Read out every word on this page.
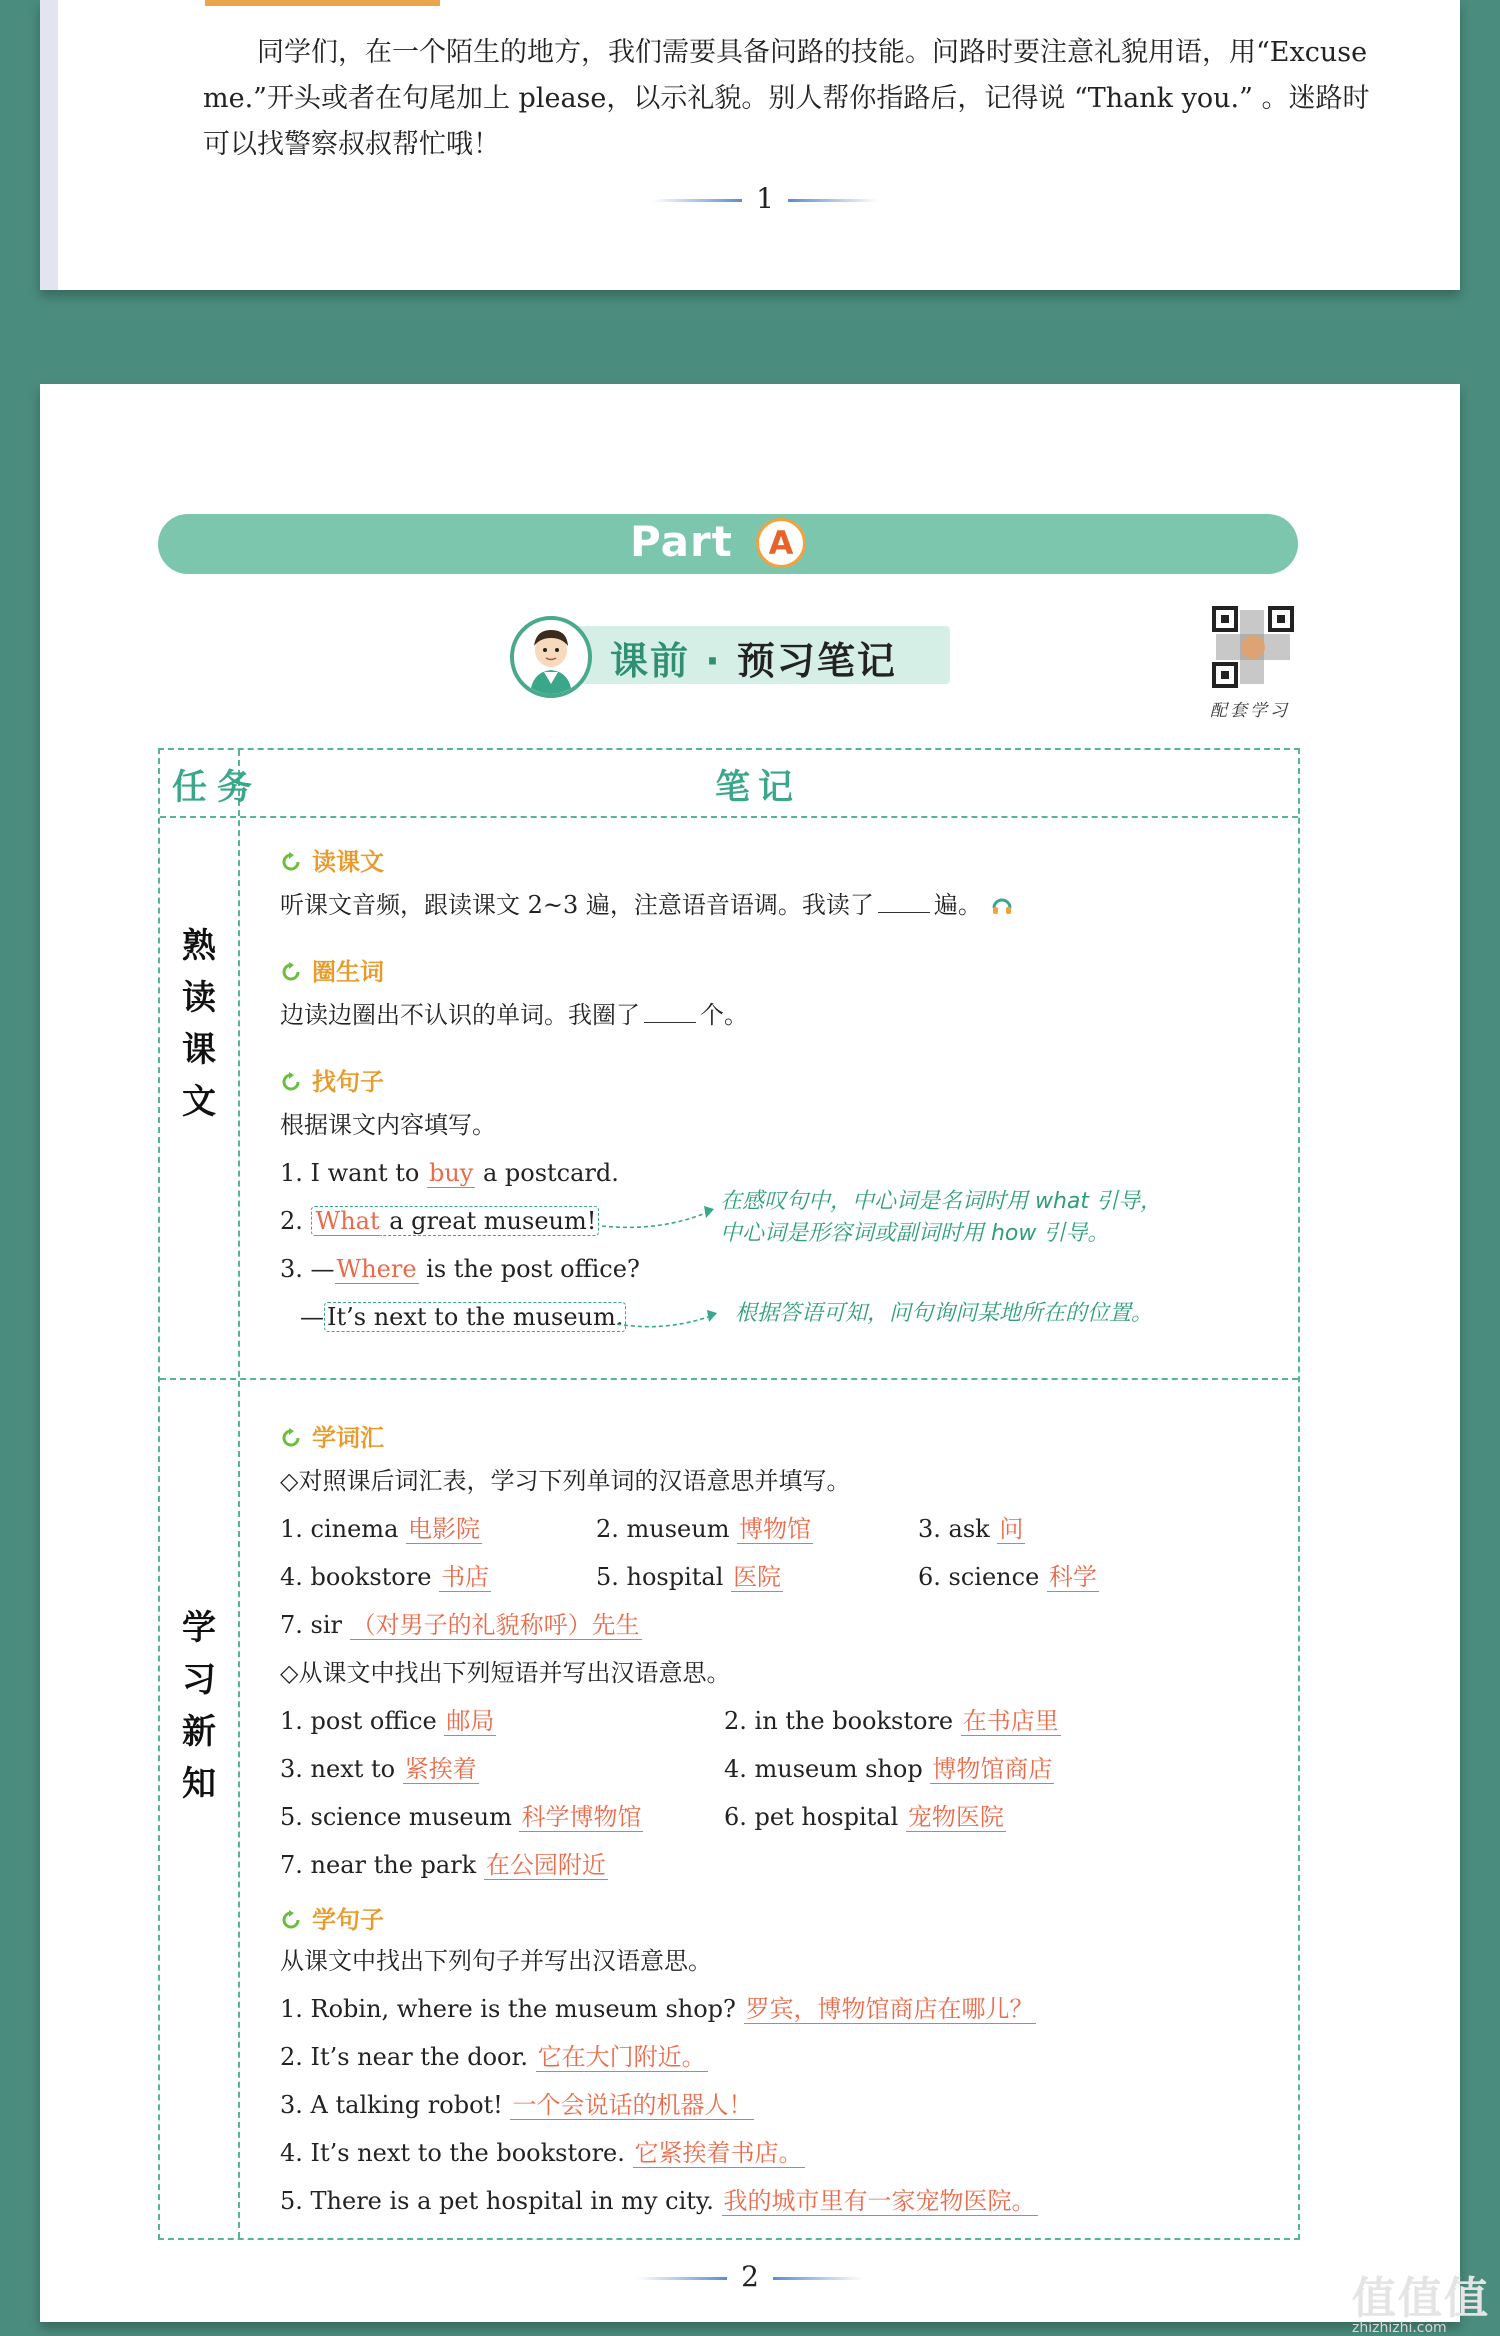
同学们，在一个陌生的地方，我们需要具备问路的技能。问路时要注意礼貌用语，用“Excuse me.”开头或者在句尾加上 please，以示礼貌。别人帮你指路后，记得说 “Thank you.” 。迷路时可以找警察叔叔帮忙哦！
1
Part	A
课前 · 预习笔记
配套学习
任务	笔记
熟读课文
学习新知
读课文
听课文音频，跟读课文 2~3 遍，注意语音语调。我读了	遍。
圈生词
边读边圈出不认识的单词。我圈了	个。
找句子
根据课文内容填写。
1. I want to buy a postcard.
2. What a great museum!
3. —Where is the post office?
— It’s next to the museum.
在感叹句中，中心词是名词时用 what 引导，
中心词是形容词或副词时用 how 引导。
根据答语可知，问句询问某地所在的位置。
学词汇
◇对照课后词汇表，学习下列单词的汉语意思并填写。
1. cinema 电影院	2. museum 博物馆	3. ask 问
4. bookstore 书店	5. hospital 医院	6. science 科学
7. sir （对男子的礼貌称呼）先生
◇从课文中找出下列短语并写出汉语意思。
1. post office 邮局	2. in the bookstore 在书店里
3. next to 紧挨着	4. museum shop 博物馆商店
5. science museum 科学博物馆	6. pet hospital 宠物医院
7. near the park 在公园附近
学句子
从课文中找出下列句子并写出汉语意思。
1. Robin, where is the museum shop? 罗宾，博物馆商店在哪儿？
2. It’s near the door. 它在大门附近。
3. A talking robot! 一个会说话的机器人！
4. It’s next to the bookstore. 它紧挨着书店。
5. There is a pet hospital in my city. 我的城市里有一家宠物医院。
2	值值值
zhizhizhi.com
